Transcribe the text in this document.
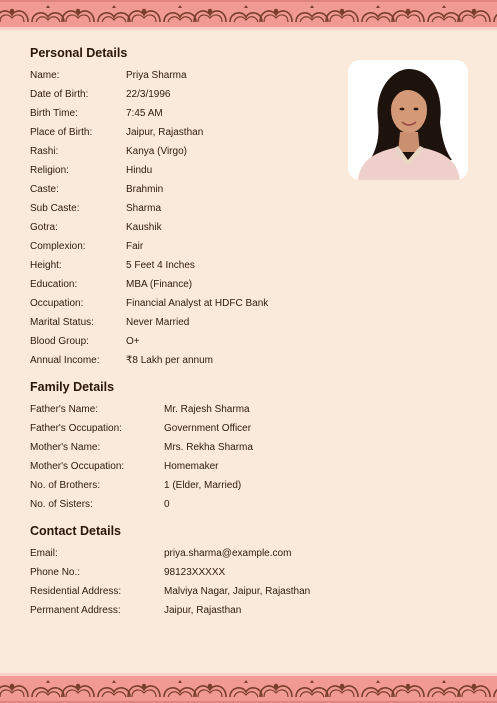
Personal Details
Name:	Priya Sharma
Date of Birth:	22/3/1996
Birth Time:	7:45 AM
Place of Birth:	Jaipur, Rajasthan
Rashi:	Kanya (Virgo)
Religion:	Hindu
Caste:	Brahmin
Sub Caste:	Sharma
Gotra:	Kaushik
Complexion:	Fair
Height:	5 Feet 4 Inches
Education:	MBA (Finance)
Occupation:	Financial Analyst at HDFC Bank
Marital Status:	Never Married
Blood Group:	O+
Annual Income:	₹8 Lakh per annum
Family Details
Father's Name:	Mr. Rajesh Sharma
Father's Occupation:	Government Officer
Mother's Name:	Mrs. Rekha Sharma
Mother's Occupation:	Homemaker
No. of Brothers:	1 (Elder, Married)
No. of Sisters:	0
Contact Details
Email:	priya.sharma@example.com
Phone No.:	98123XXXXX
Residential Address:	Malviya Nagar, Jaipur, Rajasthan
Permanent Address:	Jaipur, Rajasthan
